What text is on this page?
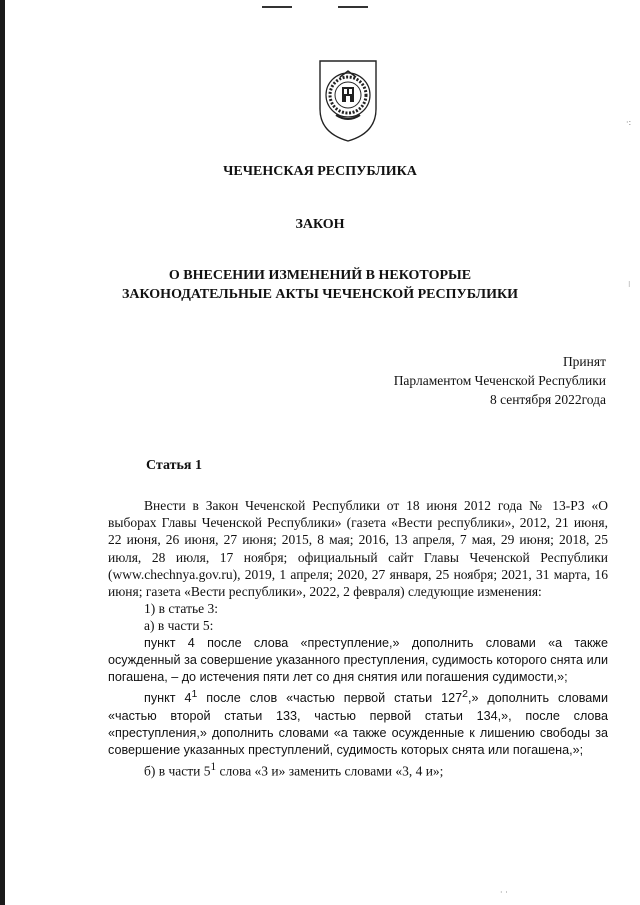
ЧЕЧЕНСКАЯ РЕСПУБЛИКА
ЗАКОН
О ВНЕСЕНИИ ИЗМЕНЕНИЙ В НЕКОТОРЫЕ
ЗАКОНОДАТЕЛЬНЫЕ АКТЫ ЧЕЧЕНСКОЙ РЕСПУБЛИКИ
Принят
Парламентом Чеченской Республики
8 сентября 2022года
Статья 1

Внести в Закон Чеченской Республики от 18 июня 2012 года № 13-РЗ «О выборах Главы Чеченской Республики» (газета «Вести республики», 2012, 21 июня, 22 июня, 26 июня, 27 июня; 2015, 8 мая; 2016, 13 апреля, 7 мая, 29 июня; 2018, 25 июля, 28 июля, 17 ноября; официальный сайт Главы Чеченской Республики (www.chechnya.gov.ru), 2019, 1 апреля; 2020, 27 января, 25 ноября; 2021, 31 марта, 16 июня; газета «Вести республики», 2022, 2 февраля) следующие изменения:

1) в статье 3:

а) в части 5:

пункт 4 после слова «преступление,» дополнить словами «а также осужденный за совершение указанного преступления, судимость которого снята или погашена, – до истечения пяти лет со дня снятия или погашения судимости,»;

пункт $4^1$ после слов «частью первой статьи $127^2$,» дополнить словами «частью второй статьи 133, частью первой статьи 134,», после слова «преступления,» дополнить словами «а также осужденные к лишению свободы за совершение указанных преступлений, судимость которых снята или погашена,»;

б) в части $5^1$ слова «3 и» заменить словами «3, 4 и»;

·:
⁝
· ·
